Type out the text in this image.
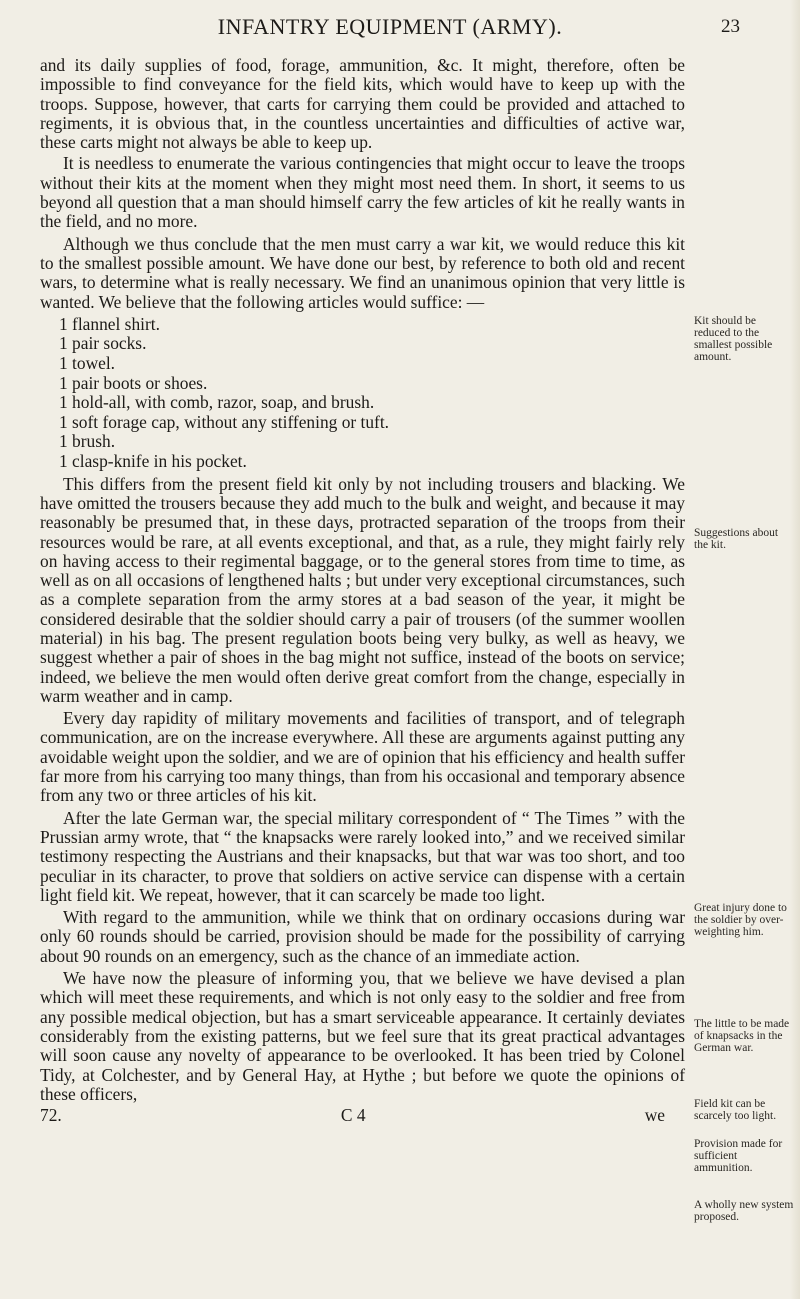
INFANTRY EQUIPMENT (ARMY).	23

and its daily supplies of food, forage, ammunition, &c. It might, therefore, often be impossible to find conveyance for the field kits, which would have to keep up with the troops. Suppose, however, that carts for carrying them could be provided and attached to regiments, it is obvious that, in the countless uncertainties and difficulties of active war, these carts might not always be able to keep up.

It is needless to enumerate the various contingencies that might occur to leave the troops without their kits at the moment when they might most need them. In short, it seems to us beyond all question that a man should himself carry the few articles of kit he really wants in the field, and no more.

Although we thus conclude that the men must carry a war kit, we would reduce this kit to the smallest possible amount. We have done our best, by reference to both old and recent wars, to determine what is really necessary. We find an unanimous opinion that very little is wanted. We believe that the following articles would suffice: —

1 flannel shirt.
1 pair socks.
1 towel.
1 pair boots or shoes.
1 hold-all, with comb, razor, soap, and brush.
1 soft forage cap, without any stiffening or tuft.
1 brush.
1 clasp-knife in his pocket.

This differs from the present field kit only by not including trousers and blacking. We have omitted the trousers because they add much to the bulk and weight, and because it may reasonably be presumed that, in these days, protracted separation of the troops from their resources would be rare, at all events exceptional, and that, as a rule, they might fairly rely on having access to their regimental baggage, or to the general stores from time to time, as well as on all occasions of lengthened halts ; but under very exceptional circumstances, such as a complete separation from the army stores at a bad season of the year, it might be considered desirable that the soldier should carry a pair of trousers (of the summer woollen material) in his bag. The present regulation boots being very bulky, as well as heavy, we suggest whether a pair of shoes in the bag might not suffice, instead of the boots on service; indeed, we believe the men would often derive great comfort from the change, especially in warm weather and in camp.

Every day rapidity of military movements and facilities of transport, and of telegraph communication, are on the increase everywhere. All these are arguments against putting any avoidable weight upon the soldier, and we are of opinion that his efficiency and health suffer far more from his carrying too many things, than from his occasional and temporary absence from any two or three articles of his kit.

After the late German war, the special military correspondent of “ The Times ” with the Prussian army wrote, that “ the knapsacks were rarely looked into,” and we received similar testimony respecting the Austrians and their knapsacks, but that war was too short, and too peculiar in its character, to prove that soldiers on active service can dispense with a certain light field kit. We repeat, however, that it can scarcely be made too light.

With regard to the ammunition, while we think that on ordinary occasions during war only 60 rounds should be carried, provision should be made for the possibility of carrying about 90 rounds on an emergency, such as the chance of an immediate action.

We have now the pleasure of informing you, that we believe we have devised a plan which will meet these requirements, and which is not only easy to the soldier and free from any possible medical objection, but has a smart serviceable appearance. It certainly deviates considerably from the existing patterns, but we feel sure that its great practical advantages will soon cause any novelty of appearance to be overlooked. It has been tried by Colonel Tidy, at Colchester, and by General Hay, at Hythe ; but before we quote the opinions of these officers,

72.	C 4	we
Kit should be reduced to the smallest possible amount.
Suggestions about the kit.
Great injury done to the soldier by over-weighting him.
The little to be made of knapsacks in the German war.
Field kit can be scarcely too light.
Provision made for sufficient ammunition.
A wholly new system proposed.
